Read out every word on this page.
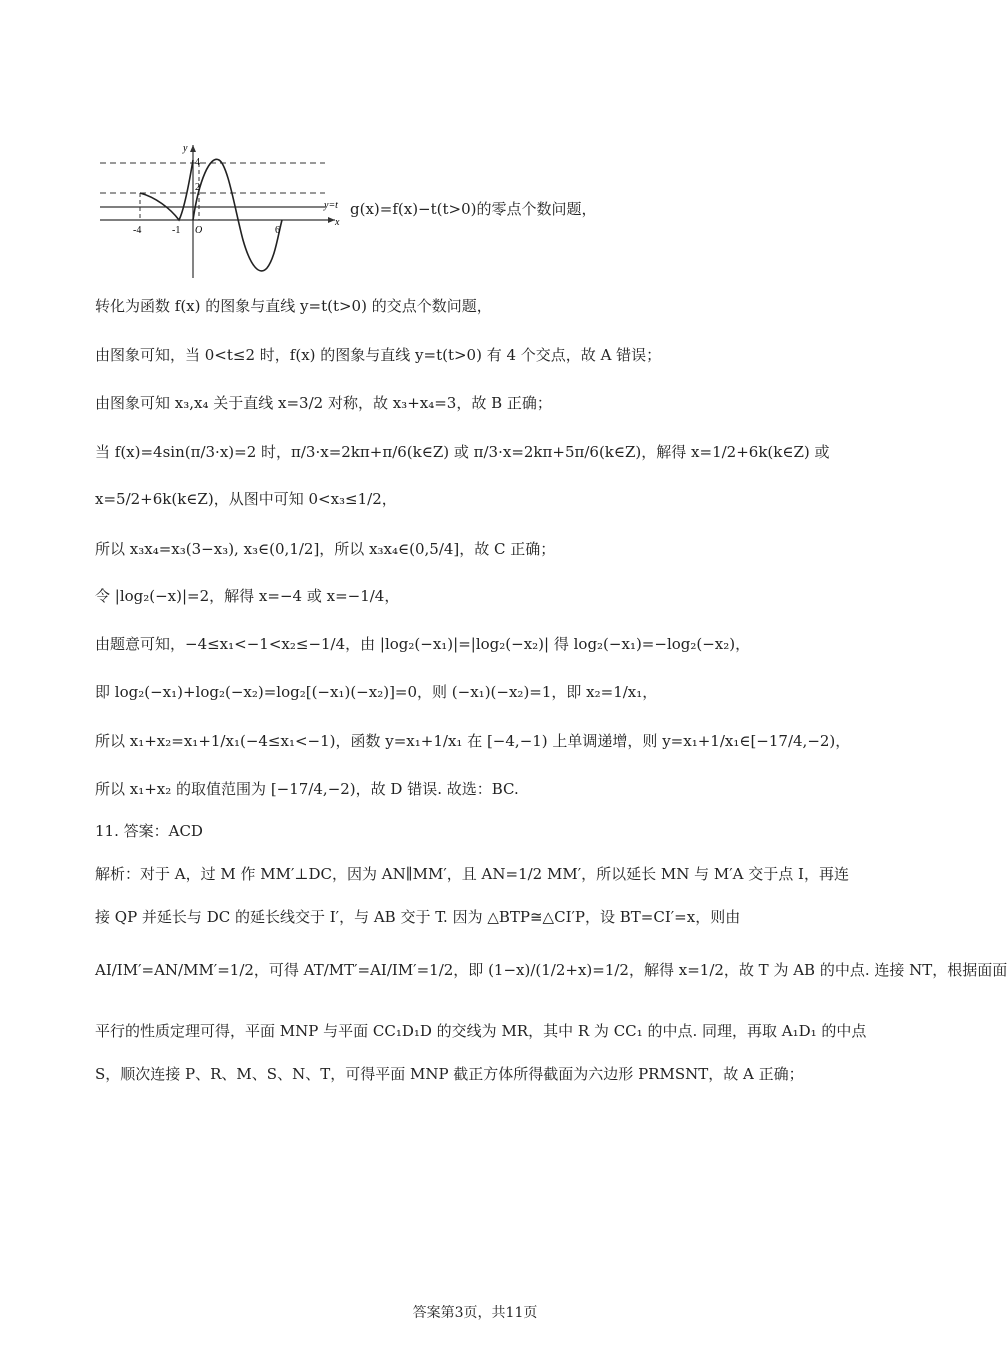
y
x
4
2
y=t
O
-4	-1	6
g(x)=f(x)−t(t>0)的零点个数问题，
转化为函数 f(x) 的图象与直线 y=t(t>0) 的交点个数问题，
由图象可知，当 0<t≤2 时，f(x) 的图象与直线 y=t(t>0) 有 4 个交点，故 A 错误；
由图象可知 x₃,x₄ 关于直线 x=3/2 对称，故 x₃+x₄=3，故 B 正确；
当 f(x)=4sin(π/3·x)=2 时，π/3·x=2kπ+π/6(k∈Z) 或 π/3·x=2kπ+5π/6(k∈Z)，解得 x=1/2+6k(k∈Z) 或
x=5/2+6k(k∈Z)，从图中可知 0<x₃≤1/2，
所以 x₃x₄=x₃(3−x₃), x₃∈(0,1/2]，所以 x₃x₄∈(0,5/4]，故 C 正确；
令 |log₂(−x)|=2，解得 x=−4 或 x=−1/4，
由题意可知，−4≤x₁<−1<x₂≤−1/4，由 |log₂(−x₁)|=|log₂(−x₂)| 得 log₂(−x₁)=−log₂(−x₂)，
即 log₂(−x₁)+log₂(−x₂)=log₂[(−x₁)(−x₂)]=0，则 (−x₁)(−x₂)=1，即 x₂=1/x₁，
所以 x₁+x₂=x₁+1/x₁(−4≤x₁<−1)，函数 y=x₁+1/x₁ 在 [−4,−1) 上单调递增，则 y=x₁+1/x₁∈[−17/4,−2)，
所以 x₁+x₂ 的取值范围为 [−17/4,−2)，故 D 错误. 故选：BC.
11. 答案：ACD
解析：对于 A，过 M 作 MM′⊥DC，因为 AN∥MM′，且 AN=1/2 MM′，所以延长 MN 与 M′A 交于点 I，再连
接 QP 并延长与 DC 的延长线交于 I′，与 AB 交于 T. 因为 △BTP≅△CI′P，设 BT=CI′=x，则由
AI/IM′=AN/MM′=1/2，可得 AT/MT′=AI/IM′=1/2，即 (1−x)/(1/2+x)=1/2，解得 x=1/2，故 T 为 AB 的中点. 连接 NT，根据面面
平行的性质定理可得，平面 MNP 与平面 CC₁D₁D 的交线为 MR，其中 R 为 CC₁ 的中点. 同理，再取 A₁D₁ 的中点
S，顺次连接 P、R、M、S、N、T，可得平面 MNP 截正方体所得截面为六边形 PRMSNT，故 A 正确；
答案第3页，共11页
